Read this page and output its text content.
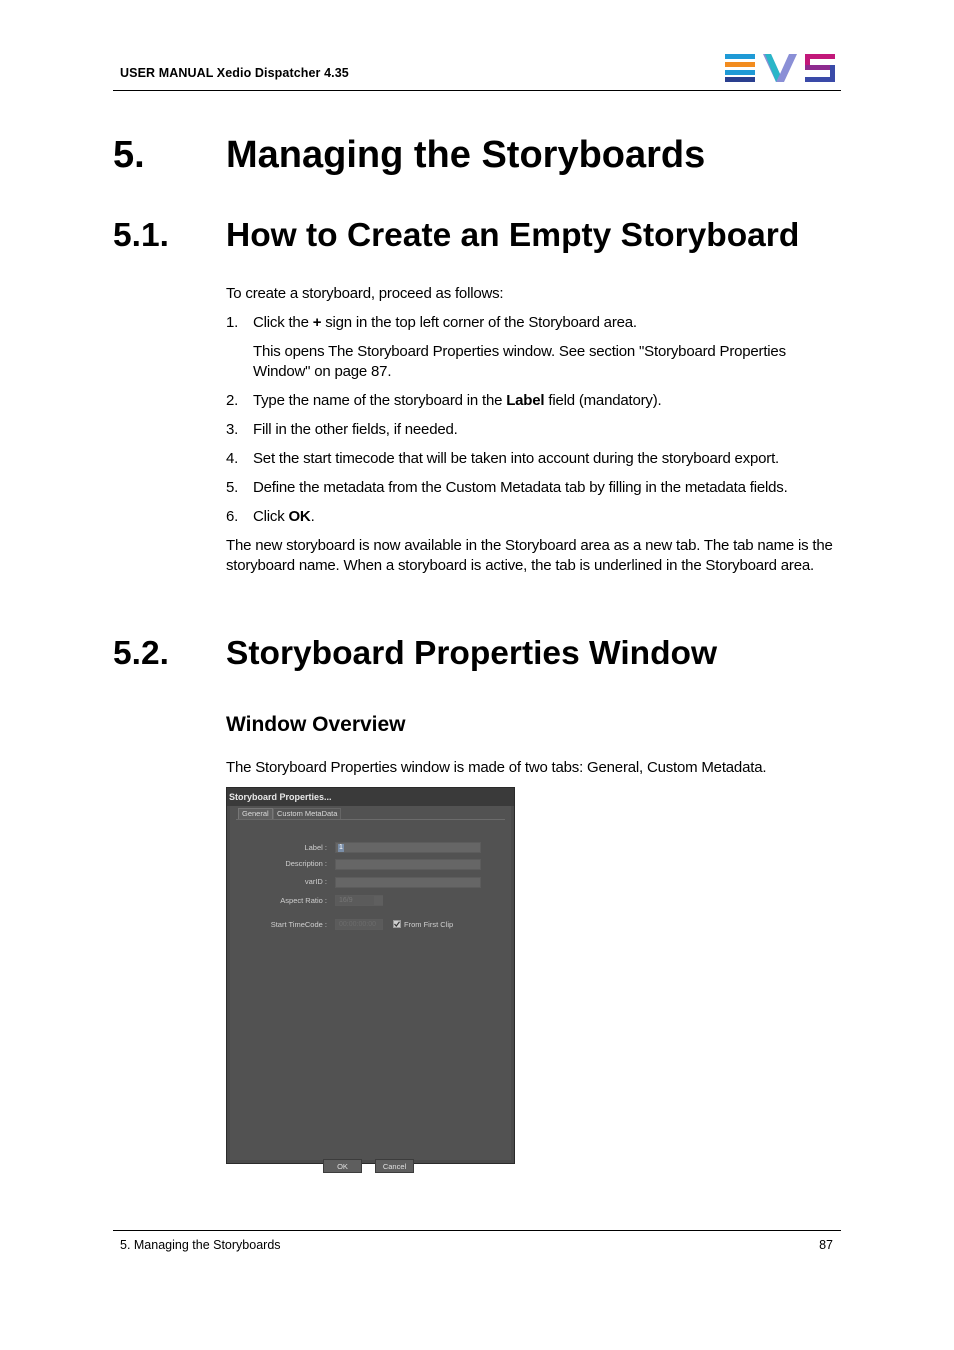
USER MANUAL Xedio Dispatcher 4.35
5. Managing the Storyboards
5.1. How to Create an Empty Storyboard
To create a storyboard, proceed as follows:
1. Click the + sign in the top left corner of the Storyboard area.
This opens The Storyboard Properties window. See section "Storyboard Properties Window" on page 87.
2. Type the name of the storyboard in the Label field (mandatory).
3. Fill in the other fields, if needed.
4. Set the start timecode that will be taken into account during the storyboard export.
5. Define the metadata from the Custom Metadata tab by filling in the metadata fields.
6. Click OK.
The new storyboard is now available in the Storyboard area as a new tab. The tab name is the storyboard name. When a storyboard is active, the tab is underlined in the Storyboard area.
5.2. Storyboard Properties Window
Window Overview
The Storyboard Properties window is made of two tabs: General, Custom Metadata.
Storyboard Properties...
General	Custom MetaData
Label : 1
Description :
varID :
Aspect Ratio : 16/9
Start TimeCode : 00:00:00:00	From First Clip
OK	Cancel
5. Managing the Storyboards	87
